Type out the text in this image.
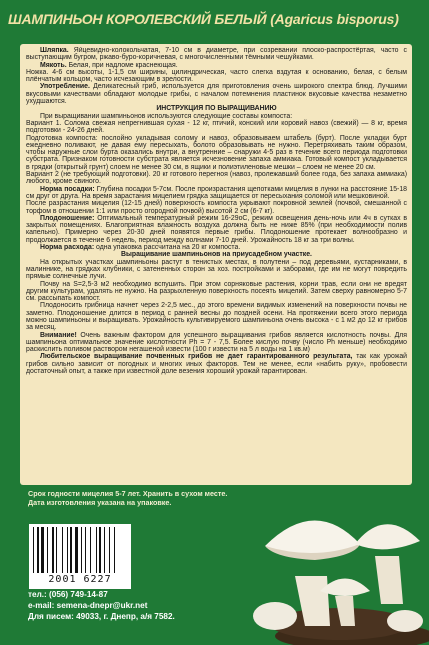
ШАМПИНЬОН КОРОЛЕВСКИЙ БЕЛЫЙ (Agaricus bisporus)

Шляпка. Яйцевидно-колокольчатая, 7-10 см в диаметре, при созревании плоско-распростёртая, часто с выступающим бугром, ржаво-буро-коричневая, с многочисленными тёмными чешуйками.

Мякоть. Белая, при надломе краснеющая.

Ножка. 4-6 см высоты, 1-1,5 см ширины, цилиндрическая, часто слегка вздутая к основанию, белая, с белым плёнчатым кольцом, часто исчезающим в зрелости.

Употребление. Деликатесный гриб, используется для приготовления очень широкого спектра блюд. Лучшими вкусовыми качествами обладают молодые грибы, с началом потемнения пластинок вкусовые качества незаметно ухудшаются.

ИНСТРУКЦИЯ ПО ВЫРАЩИВАНИЮ

При выращивании шампиньонов используются следующие составы компоста:

Вариант 1. Солома свежая непрегнившая сухая - 12 кг, птичий, конский или коровий навоз (свежий) — 8 кг, время подготовки - 24-26 дней.

Подготовка компоста: послойно укладывая солому и навоз, образовываем штабель (бурт). После укладки бурт ежедневно поливают, не давая ему пересыхать, болото образовывать не нужно. Перетряхивать таким образом, чтобы наружные слои бурта оказались внутри, а внутренние – снаружи 4-5 раз в течение всего периода подготовки субстрата. Признаком готовности субстрата является исчезновение запаха аммиака. Готовый компост укладывается в грядки (открытый грунт) слоем не менее 30 см, в ящики и полиэтиленовые мешки – слоем не менее 20 см.

Вариант 2 (не требующий подготовки). 20 кг готового перегноя (навоз, пролежавший более года, без запаха аммиака) любого, кроме свиного.

Норма посадки: Глубина посадки 5-7см. После произрастания щепотками мицелия в лунки на расстояние 15-18 см друг от друга. На время зарастания мицелием грядка защищается от пересыхания соломой или мешковиной.

После разрастания мицелия (12-15 дней) поверхность компоста укрывают покровной землей (почвой, смешанной с торфом в отношении 1:1 или просто огородной почвой) высотой 2 см (6-7 кг).

Плодоношение: Оптимальный температурный режим 16-29оС, режим освещения день-ночь или 4ч в сутках в закрытых помещениях. Благоприятная влажность воздуха должна быть не ниже 85% (при необходимости полив капельно). Примерно через 20-30 дней появятся первые грибы. Плодоношение протекает волнообразно и продолжается в течение 6 недель, период между волнами 7-10 дней. Урожайность 18 кг за три волны.

Норма расхода: одна упаковка рассчитана на 20 кг компоста.

Выращивание шампиньонов на приусадебном участке.

На открытых участках шампиньоны растут в тенистых местах, в полутени – под деревьями, кустарниками, в малиннике, на грядках клубники, с затененных сторон за хоз. постройками и заборами, где им не могут повредить прямые солнечные лучи.

Почву на S=2,5-3 м2 необходимо вспушить. При этом сорняковые растения, корни трав, если они не вредят другим культурам, удалять не нужно. На разрыхленную поверхность посеять мицелий. Затем сверху равномерно 5-7 см. рассыпать компост.

Плодоносить грибница начнет через 2-2,5 мес., до этого времени видимых изменений на поверхности почвы не заметно. Плодоношение длится в период с ранней весны до поздней осени. На протяжении всего этого периода можно шампиньоны и выращивать. Урожайность культивируемого шампиньона очень высока - с 1 м2 до 12 кг грибов за месяц.

Внимание! Очень важным фактором для успешного выращивания грибов является кислотность почвы. Для шампиньона оптимальное значение кислотности Ph = 7 - 7,5. Более кислую почву (число Ph меньше) необходимо раскислить поливом раствором негашеной извести (100 г извести на 5 л воды на 1 кв.м)

Любительское выращивание почвенных грибов не дает гарантированного результата, так как урожай грибов сильно зависит от погодных и многих иных факторов. Тем не менее, если «набить руку», пробовести достаточный опыт, а также при известной доле везения хороший урожай гарантирован.

Срок годности мицелия 5-7 лет. Хранить в сухом месте.
Дата изготовления указана на упаковке.
2001 6227
тел.: (056) 749-14-87
e-mail: semena-dnepr@ukr.net
Для писем: 49033, г. Днепр, а/я 7582.
